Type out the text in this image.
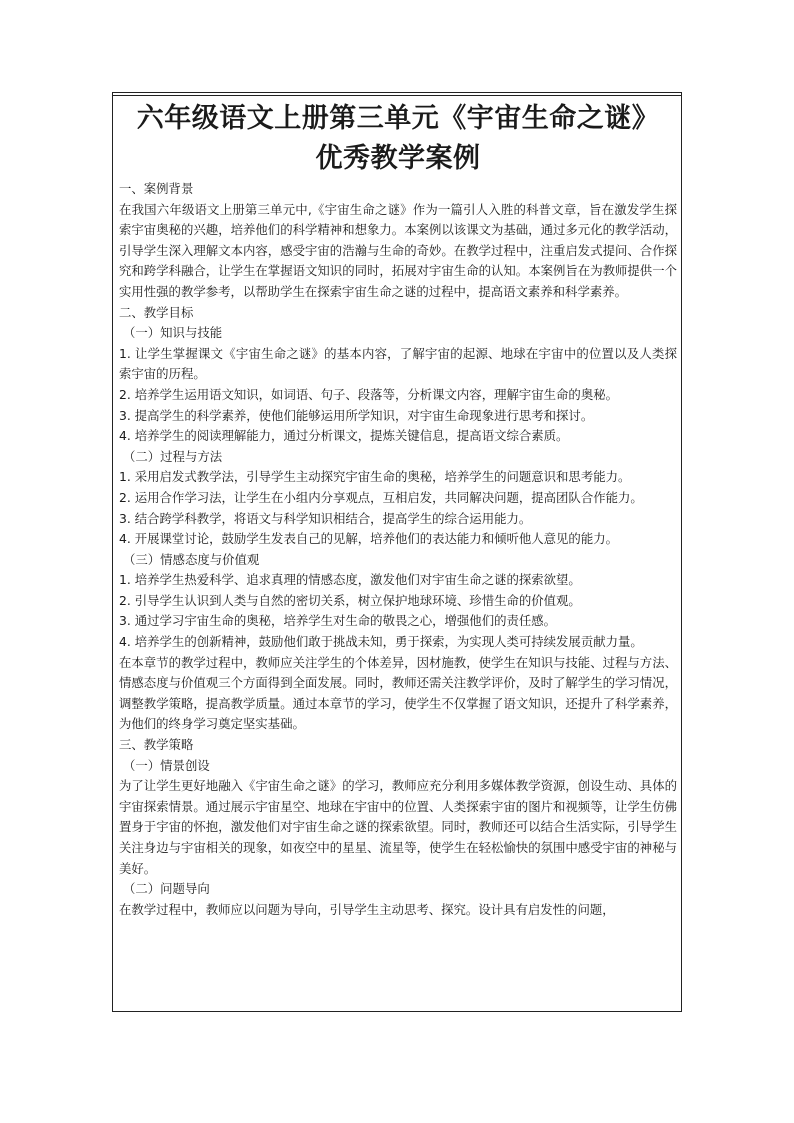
六年级语文上册第三单元《宇宙生命之谜》
优秀教学案例

一、案例背景

在我国六年级语文上册第三单元中,《宇宙生命之谜》作为一篇引人入胜的科普文章，旨在激发学生探索宇宙奥秘的兴趣，培养他们的科学精神和想象力。本案例以该课文为基础，通过多元化的教学活动，引导学生深入理解文本内容，感受宇宙的浩瀚与生命的奇妙。在教学过程中，注重启发式提问、合作探究和跨学科融合，让学生在掌握语文知识的同时，拓展对宇宙生命的认知。本案例旨在为教师提供一个实用性强的教学参考，以帮助学生在探索宇宙生命之谜的过程中，提高语文素养和科学素养。

二、教学目标

（一）知识与技能

1. 让学生掌握课文《宇宙生命之谜》的基本内容，了解宇宙的起源、地球在宇宙中的位置以及人类探索宇宙的历程。

2. 培养学生运用语文知识，如词语、句子、段落等，分析课文内容，理解宇宙生命的奥秘。

3. 提高学生的科学素养，使他们能够运用所学知识，对宇宙生命现象进行思考和探讨。

4. 培养学生的阅读理解能力，通过分析课文，提炼关键信息，提高语文综合素质。

（二）过程与方法

1. 采用启发式教学法，引导学生主动探究宇宙生命的奥秘，培养学生的问题意识和思考能力。

2. 运用合作学习法，让学生在小组内分享观点，互相启发，共同解决问题，提高团队合作能力。

3. 结合跨学科教学，将语文与科学知识相结合，提高学生的综合运用能力。

4. 开展课堂讨论，鼓励学生发表自己的见解，培养他们的表达能力和倾听他人意见的能力。

（三）情感态度与价值观

1. 培养学生热爱科学、追求真理的情感态度，激发他们对宇宙生命之谜的探索欲望。

2. 引导学生认识到人类与自然的密切关系，树立保护地球环境、珍惜生命的价值观。

3. 通过学习宇宙生命的奥秘，培养学生对生命的敬畏之心，增强他们的责任感。

4. 培养学生的创新精神，鼓励他们敢于挑战未知，勇于探索，为实现人类可持续发展贡献力量。

在本章节的教学过程中，教师应关注学生的个体差异，因材施教，使学生在知识与技能、过程与方法、情感态度与价值观三个方面得到全面发展。同时，教师还需关注教学评价，及时了解学生的学习情况，调整教学策略，提高教学质量。通过本章节的学习，使学生不仅掌握了语文知识，还提升了科学素养，为他们的终身学习奠定坚实基础。

三、教学策略

（一）情景创设

为了让学生更好地融入《宇宙生命之谜》的学习，教师应充分利用多媒体教学资源，创设生动、具体的宇宙探索情景。通过展示宇宙星空、地球在宇宙中的位置、人类探索宇宙的图片和视频等，让学生仿佛置身于宇宙的怀抱，激发他们对宇宙生命之谜的探索欲望。同时，教师还可以结合生活实际，引导学生关注身边与宇宙相关的现象，如夜空中的星星、流星等，使学生在轻松愉快的氛围中感受宇宙的神秘与美好。

（二）问题导向

在教学过程中，教师应以问题为导向，引导学生主动思考、探究。设计具有启发性的问题，
